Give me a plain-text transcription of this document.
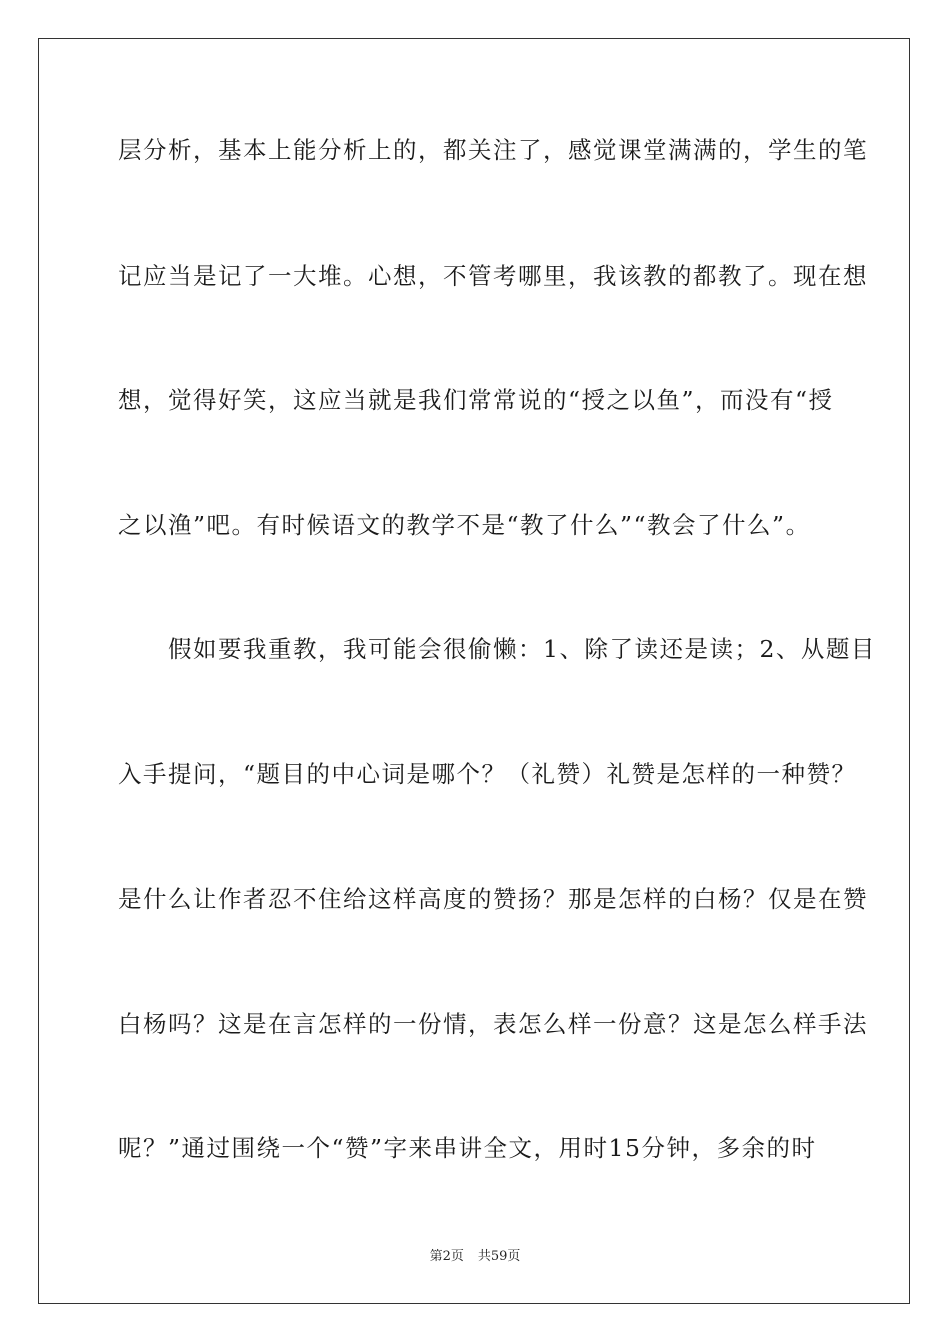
层分析，基本上能分析上的，都关注了，感觉课堂满满的，学生的笔

记应当是记了一大堆。心想，不管考哪里，我该教的都教了。现在想

想，觉得好笑，这应当就是我们常常说的“授之以鱼”，而没有“授

之以渔”吧。有时候语文的教学不是“教了什么”“教会了什么”。

　　假如要我重教，我可能会很偷懒：1、除了读还是读；2、从题目

入手提问，“题目的中心词是哪个？（礼赞）礼赞是怎样的一种赞？

是什么让作者忍不住给这样高度的赞扬？那是怎样的白杨？仅是在赞

白杨吗？这是在言怎样的一份情，表怎么样一份意？这是怎么样手法

呢？”通过围绕一个“赞”字来串讲全文，用时15分钟，多余的时

第2页 共59页
